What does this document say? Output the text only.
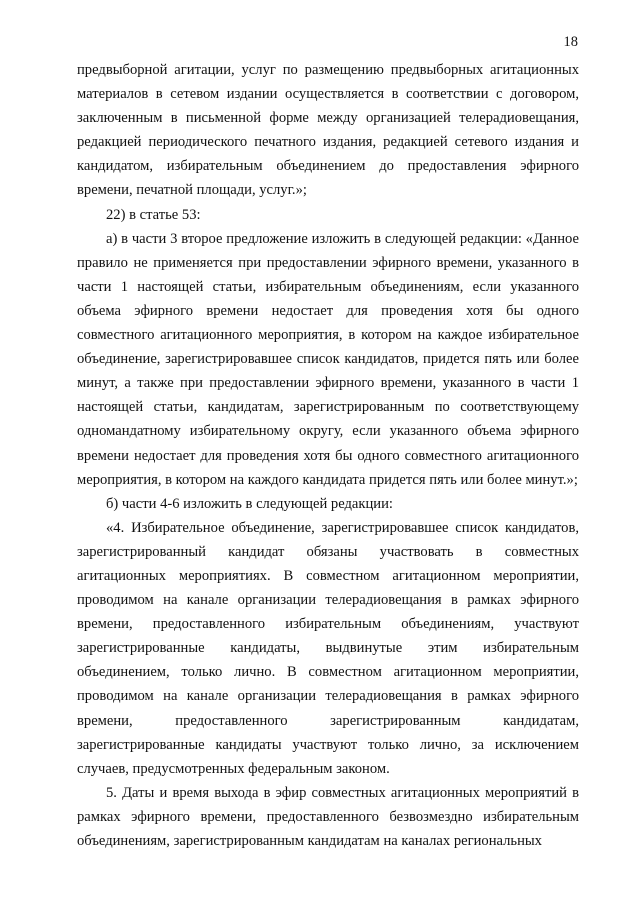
18

предвыборной агитации, услуг по размещению предвыборных агитационных материалов в сетевом издании осуществляется в соответствии с договором, заключенным в письменной форме между организацией телерадиовещания, редакцией периодического печатного издания, редакцией сетевого издания и кандидатом, избирательным объединением до предоставления эфирного времени, печатной площади, услуг.»;

22) в статье 53:

а) в части 3 второе предложение изложить в следующей редакции: «Данное правило не применяется при предоставлении эфирного времени, указанного в части 1 настоящей статьи, избирательным объединениям, если указанного объема эфирного времени недостает для проведения хотя бы одного совместного агитационного мероприятия, в котором на каждое избирательное объединение, зарегистрировавшее список кандидатов, придется пять или более минут, а также при предоставлении эфирного времени, указанного в части 1 настоящей статьи, кандидатам, зарегистрированным по соответствующему одномандатному избирательному округу, если указанного объема эфирного времени недостает для проведения хотя бы одного совместного агитационного мероприятия, в котором на каждого кандидата придется пять или более минут.»;

б) части 4-6 изложить в следующей редакции:

«4. Избирательное объединение, зарегистрировавшее список кандидатов, зарегистрированный кандидат обязаны участвовать в совместных агитационных мероприятиях. В совместном агитационном мероприятии, проводимом на канале организации телерадиовещания в рамках эфирного времени, предоставленного избирательным объединениям, участвуют зарегистрированные кандидаты, выдвинутые этим избирательным объединением, только лично. В совместном агитационном мероприятии, проводимом на канале организации телерадиовещания в рамках эфирного времени, предоставленного зарегистрированным кандидатам, зарегистрированные кандидаты участвуют только лично, за исключением случаев, предусмотренных федеральным законом.

5. Даты и время выхода в эфир совместных агитационных мероприятий в рамках эфирного времени, предоставленного безвозмездно избирательным объединениям, зарегистрированным кандидатам на каналах региональных
